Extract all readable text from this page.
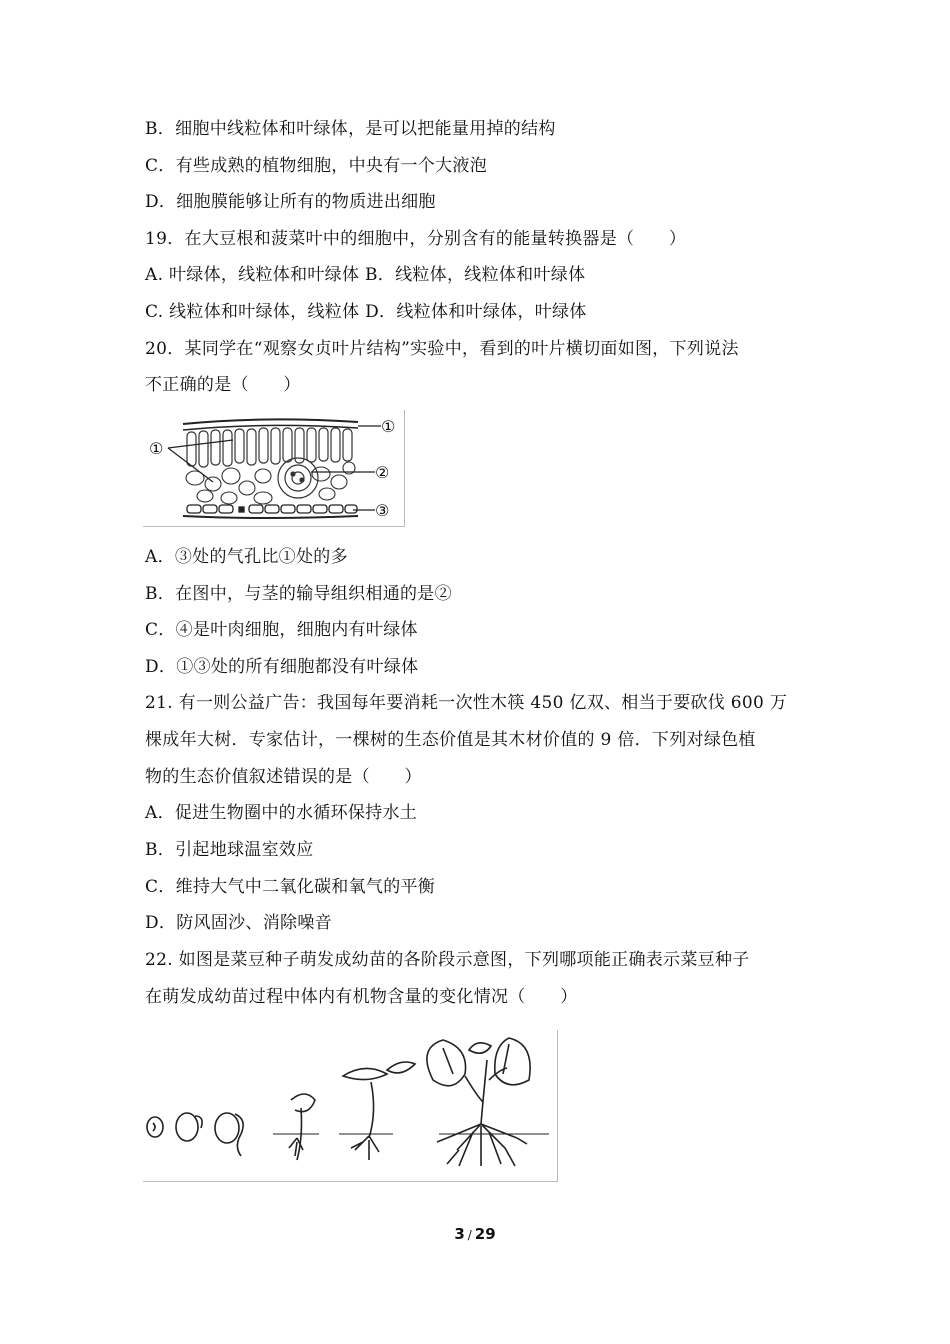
B．细胞中线粒体和叶绿体，是可以把能量用掉的结构
C．有些成熟的植物细胞，中央有一个大液泡
D．细胞膜能够让所有的物质进出细胞
19．在大豆根和菠菜叶中的细胞中，分别含有的能量转换器是（　　）
A. 叶绿体，线粒体和叶绿体 B．线粒体，线粒体和叶绿体
C. 线粒体和叶绿体，线粒体 D．线粒体和叶绿体，叶绿体
20．某同学在“观察女贞叶片结构”实验中，看到的叶片横切面如图，下列说法
不正确的是（　　）
①
①
②
③
A．③处的气孔比①处的多
B．在图中，与茎的输导组织相通的是②
C．④是叶肉细胞，细胞内有叶绿体
D．①③处的所有细胞都没有叶绿体
21. 有一则公益广告：我国每年要消耗一次性木筷 450 亿双、相当于要砍伐 600 万
棵成年大树．专家估计，一棵树的生态价值是其木材价值的 9 倍．下列对绿色植
物的生态价值叙述错误的是（　　）
A．促进生物圈中的水循环保持水土
B．引起地球温室效应
C．维持大气中二氧化碳和氧气的平衡
D．防风固沙、消除噪音
22. 如图是菜豆种子萌发成幼苗的各阶段示意图，下列哪项能正确表示菜豆种子
在萌发成幼苗过程中体内有机物含量的变化情况（　　）
3 / 29
